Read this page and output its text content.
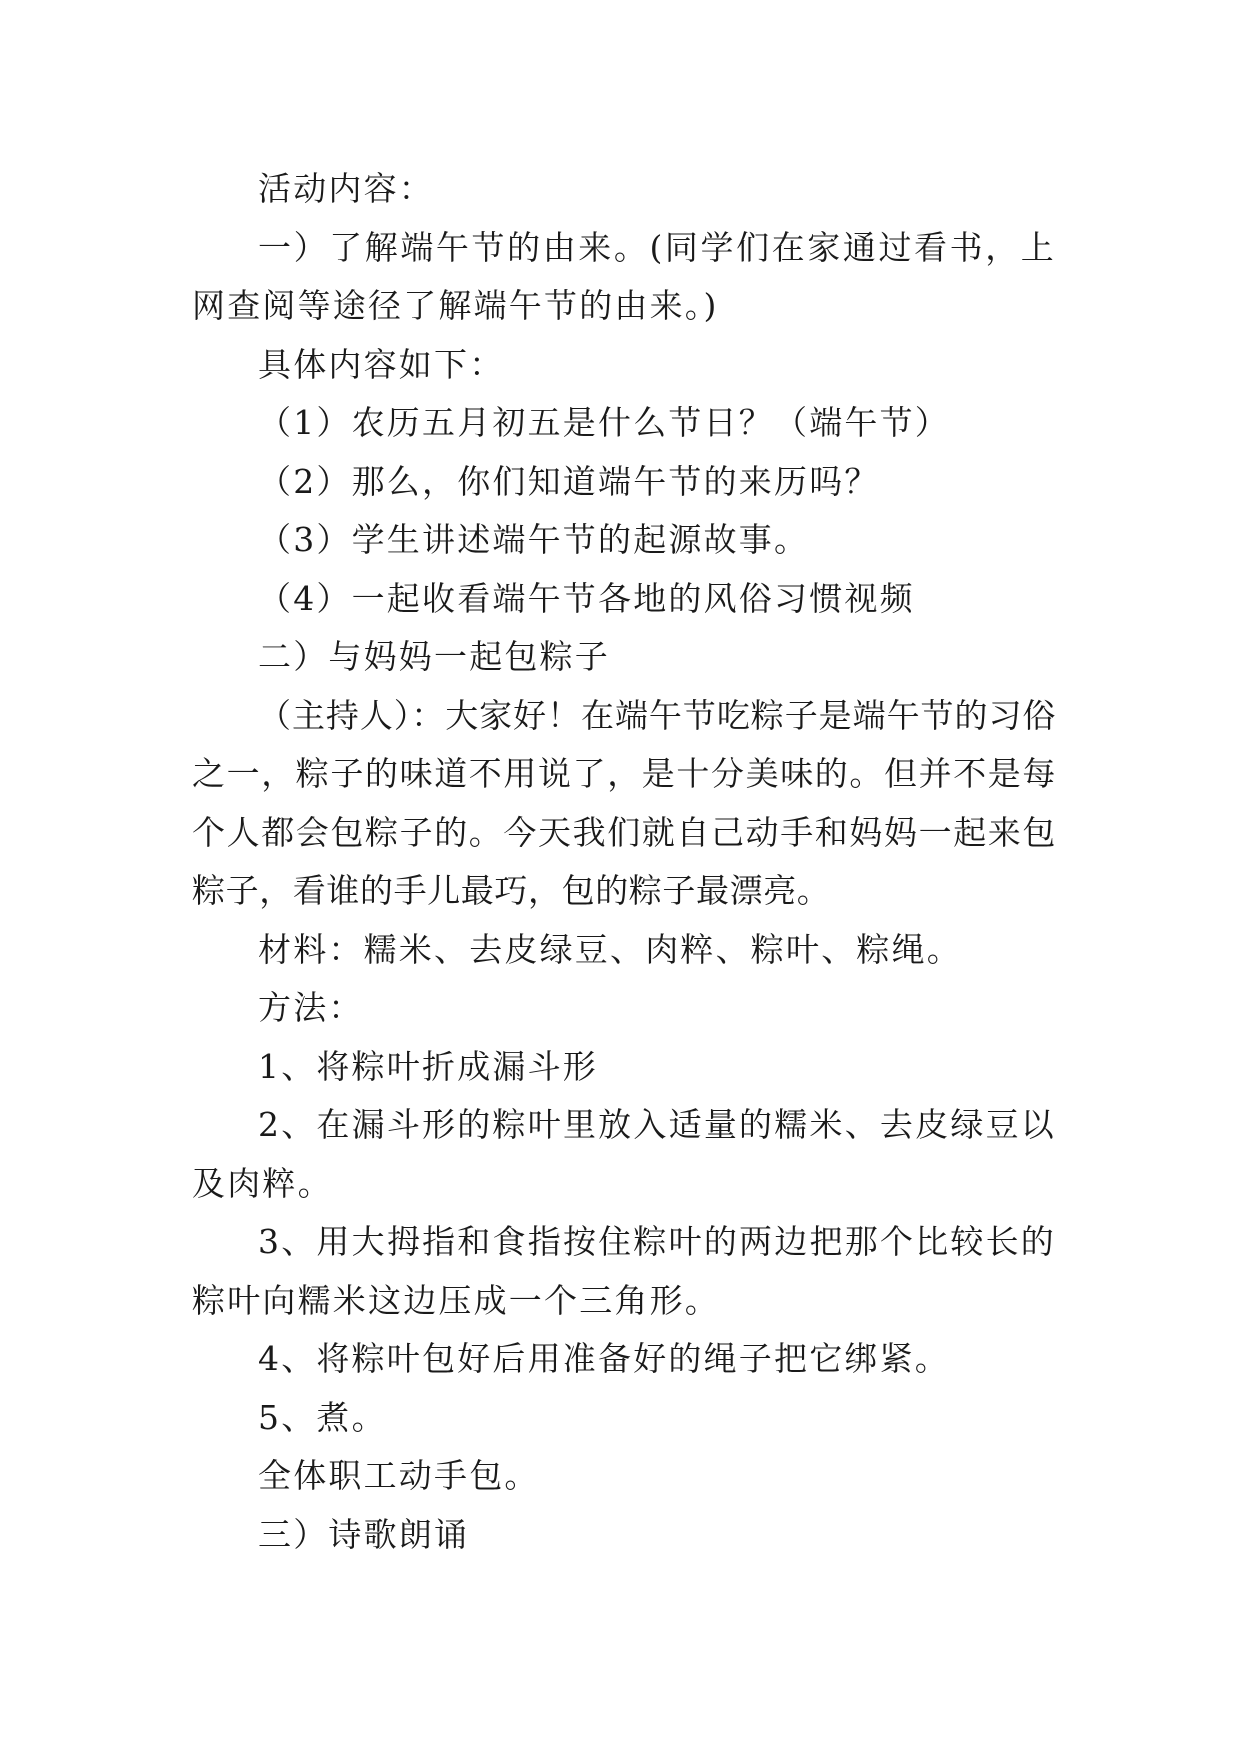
活动内容：

一）了解端午节的由来。(同学们在家通过看书，上网查阅等途径了解端午节的由来。)

具体内容如下：

（1）农历五月初五是什么节日？（端午节）

（2）那么，你们知道端午节的来历吗？

（3）学生讲述端午节的起源故事。

（4）一起收看端午节各地的风俗习惯视频

二）与妈妈一起包粽子

（主持人）：大家好！在端午节吃粽子是端午节的习俗之一，粽子的味道不用说了，是十分美味的。但并不是每个人都会包粽子的。今天我们就自己动手和妈妈一起来包粽子，看谁的手儿最巧，包的粽子最漂亮。

材料：糯米、去皮绿豆、肉粹、粽叶、粽绳。

方法：

1、将粽叶折成漏斗形

2、在漏斗形的粽叶里放入适量的糯米、去皮绿豆以及肉粹。

3、用大拇指和食指按住粽叶的两边把那个比较长的粽叶向糯米这边压成一个三角形。

4、将粽叶包好后用准备好的绳子把它绑紧。

5、煮。

全体职工动手包。

三）诗歌朗诵
